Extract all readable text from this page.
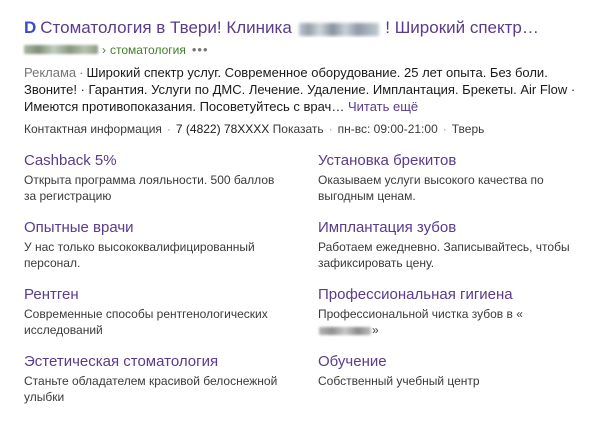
D Стоматология в Твери! Клиника	! Широкий спектр…
› стоматология •••
Реклама · Широкий спектр услуг. Современное оборудование. 25 лет опыта. Без боли. Звоните! · Гарантия. Услуги по ДМС. Лечение. Удаление. Имплантация. Брекеты. Air Flow · Имеются противопоказания. Посоветуйтесь с врач… Читать ещё
Контактная информация · 7 (4822) 78XXXX Показать · пн-вс: 09:00-21:00 · Тверь
Cashback 5%
Открыта программа лояльности. 500 баллов за регистрацию
Установка брекитов
Оказываем услуги высокого качества по выгодным ценам.
Опытные врачи
У нас только высококвалифицированный персонал.
Имплантация зубов
Работаем ежедневно. Записывайтесь, чтобы зафиксировать цену.
Рентген
Современные способы рентгенологических исследований
Профессиональная гигиена
Профессиональной чистка зубов в «»
Эстетическая стоматология
Станьте обладателем красивой белоснежной улыбки
Обучение
Собственный учебный центр
